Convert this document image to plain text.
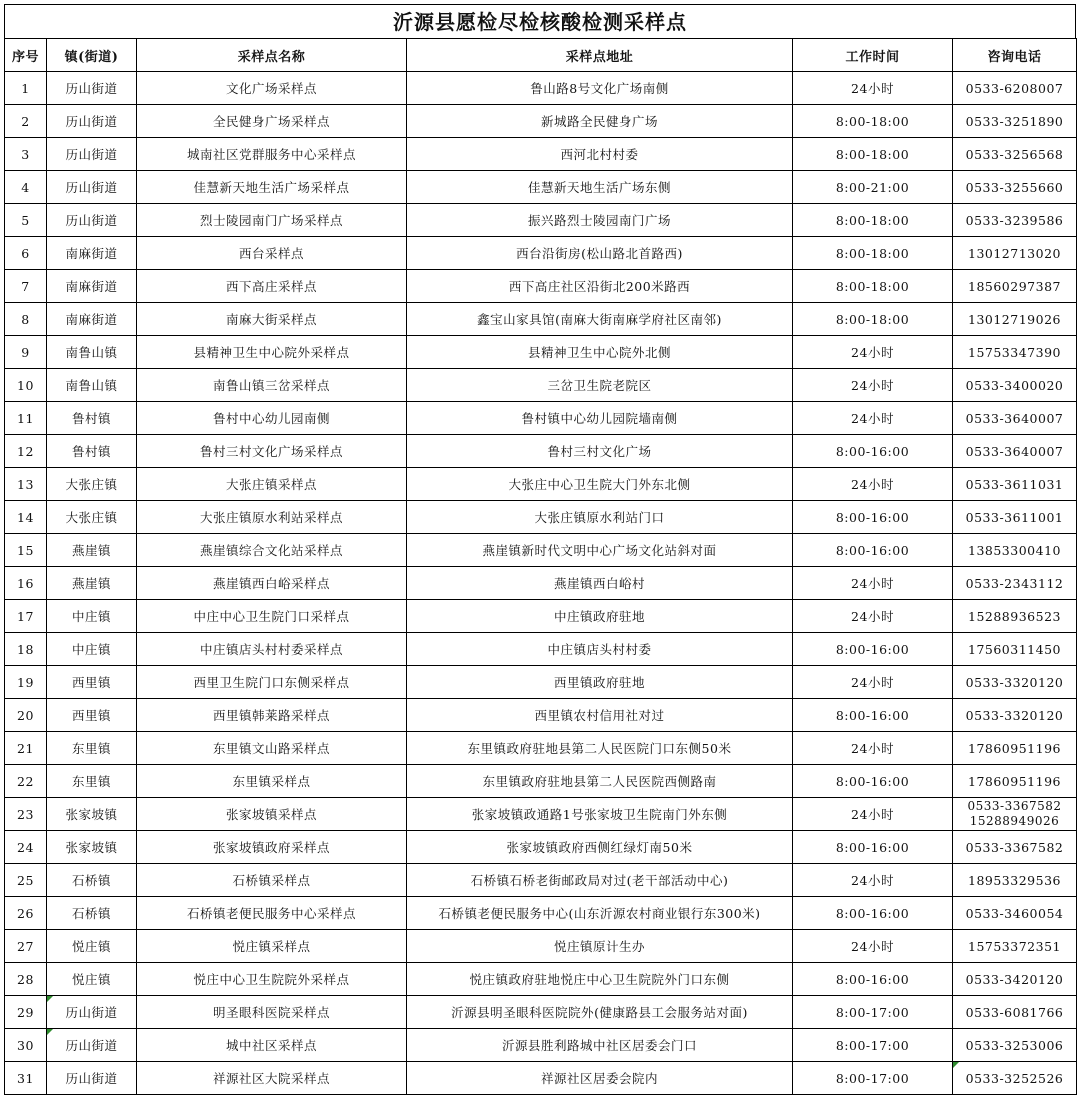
沂源县愿检尽检核酸检测采样点
序号	镇(街道)	采样点名称	采样点地址	工作时间	咨询电话
1	历山街道	文化广场采样点	鲁山路8号文化广场南侧	24小时	0533-6208007
2	历山街道	全民健身广场采样点	新城路全民健身广场	8:00-18:00	0533-3251890
3	历山街道	城南社区党群服务中心采样点	西河北村村委	8:00-18:00	0533-3256568
4	历山街道	佳慧新天地生活广场采样点	佳慧新天地生活广场东侧	8:00-21:00	0533-3255660
5	历山街道	烈士陵园南门广场采样点	振兴路烈士陵园南门广场	8:00-18:00	0533-3239586
6	南麻街道	西台采样点	西台沿街房(松山路北首路西)	8:00-18:00	13012713020
7	南麻街道	西下高庄采样点	西下高庄社区沿街北200米路西	8:00-18:00	18560297387
8	南麻街道	南麻大街采样点	鑫宝山家具馆(南麻大街南麻学府社区南邻)	8:00-18:00	13012719026
9	南鲁山镇	县精神卫生中心院外采样点	县精神卫生中心院外北侧	24小时	15753347390
10	南鲁山镇	南鲁山镇三岔采样点	三岔卫生院老院区	24小时	0533-3400020
11	鲁村镇	鲁村中心幼儿园南侧	鲁村镇中心幼儿园院墙南侧	24小时	0533-3640007
12	鲁村镇	鲁村三村文化广场采样点	鲁村三村文化广场	8:00-16:00	0533-3640007
13	大张庄镇	大张庄镇采样点	大张庄中心卫生院大门外东北侧	24小时	0533-3611031
14	大张庄镇	大张庄镇原水利站采样点	大张庄镇原水利站门口	8:00-16:00	0533-3611001
15	燕崖镇	燕崖镇综合文化站采样点	燕崖镇新时代文明中心广场文化站斜对面	8:00-16:00	13853300410
16	燕崖镇	燕崖镇西白峪采样点	燕崖镇西白峪村	24小时	0533-2343112
17	中庄镇	中庄中心卫生院门口采样点	中庄镇政府驻地	24小时	15288936523
18	中庄镇	中庄镇店头村村委采样点	中庄镇店头村村委	8:00-16:00	17560311450
19	西里镇	西里卫生院门口东侧采样点	西里镇政府驻地	24小时	0533-3320120
20	西里镇	西里镇韩莱路采样点	西里镇农村信用社对过	8:00-16:00	0533-3320120
21	东里镇	东里镇文山路采样点	东里镇政府驻地县第二人民医院门口东侧50米	24小时	17860951196
22	东里镇	东里镇采样点	东里镇政府驻地县第二人民医院西侧路南	8:00-16:00	17860951196
23	张家坡镇	张家坡镇采样点	张家坡镇政通路1号张家坡卫生院南门外东侧	24小时	0533-3367582
15288949026

24	张家坡镇	张家坡镇政府采样点	张家坡镇政府西侧红绿灯南50米	8:00-16:00	0533-3367582
25	石桥镇	石桥镇采样点	石桥镇石桥老街邮政局对过(老干部活动中心)	24小时	18953329536
26	石桥镇	石桥镇老便民服务中心采样点	石桥镇老便民服务中心(山东沂源农村商业银行东300米)	8:00-16:00	0533-3460054
27	悦庄镇	悦庄镇采样点	悦庄镇原计生办	24小时	15753372351
28	悦庄镇	悦庄中心卫生院院外采样点	悦庄镇政府驻地悦庄中心卫生院院外门口东侧	8:00-16:00	0533-3420120
29	历山街道	明圣眼科医院采样点	沂源县明圣眼科医院院外(健康路县工会服务站对面)	8:00-17:00	0533-6081766
30	历山街道	城中社区采样点	沂源县胜利路城中社区居委会门口	8:00-17:00	0533-3253006
31	历山街道	祥源社区大院采样点	祥源社区居委会院内	8:00-17:00	0533-3252526
